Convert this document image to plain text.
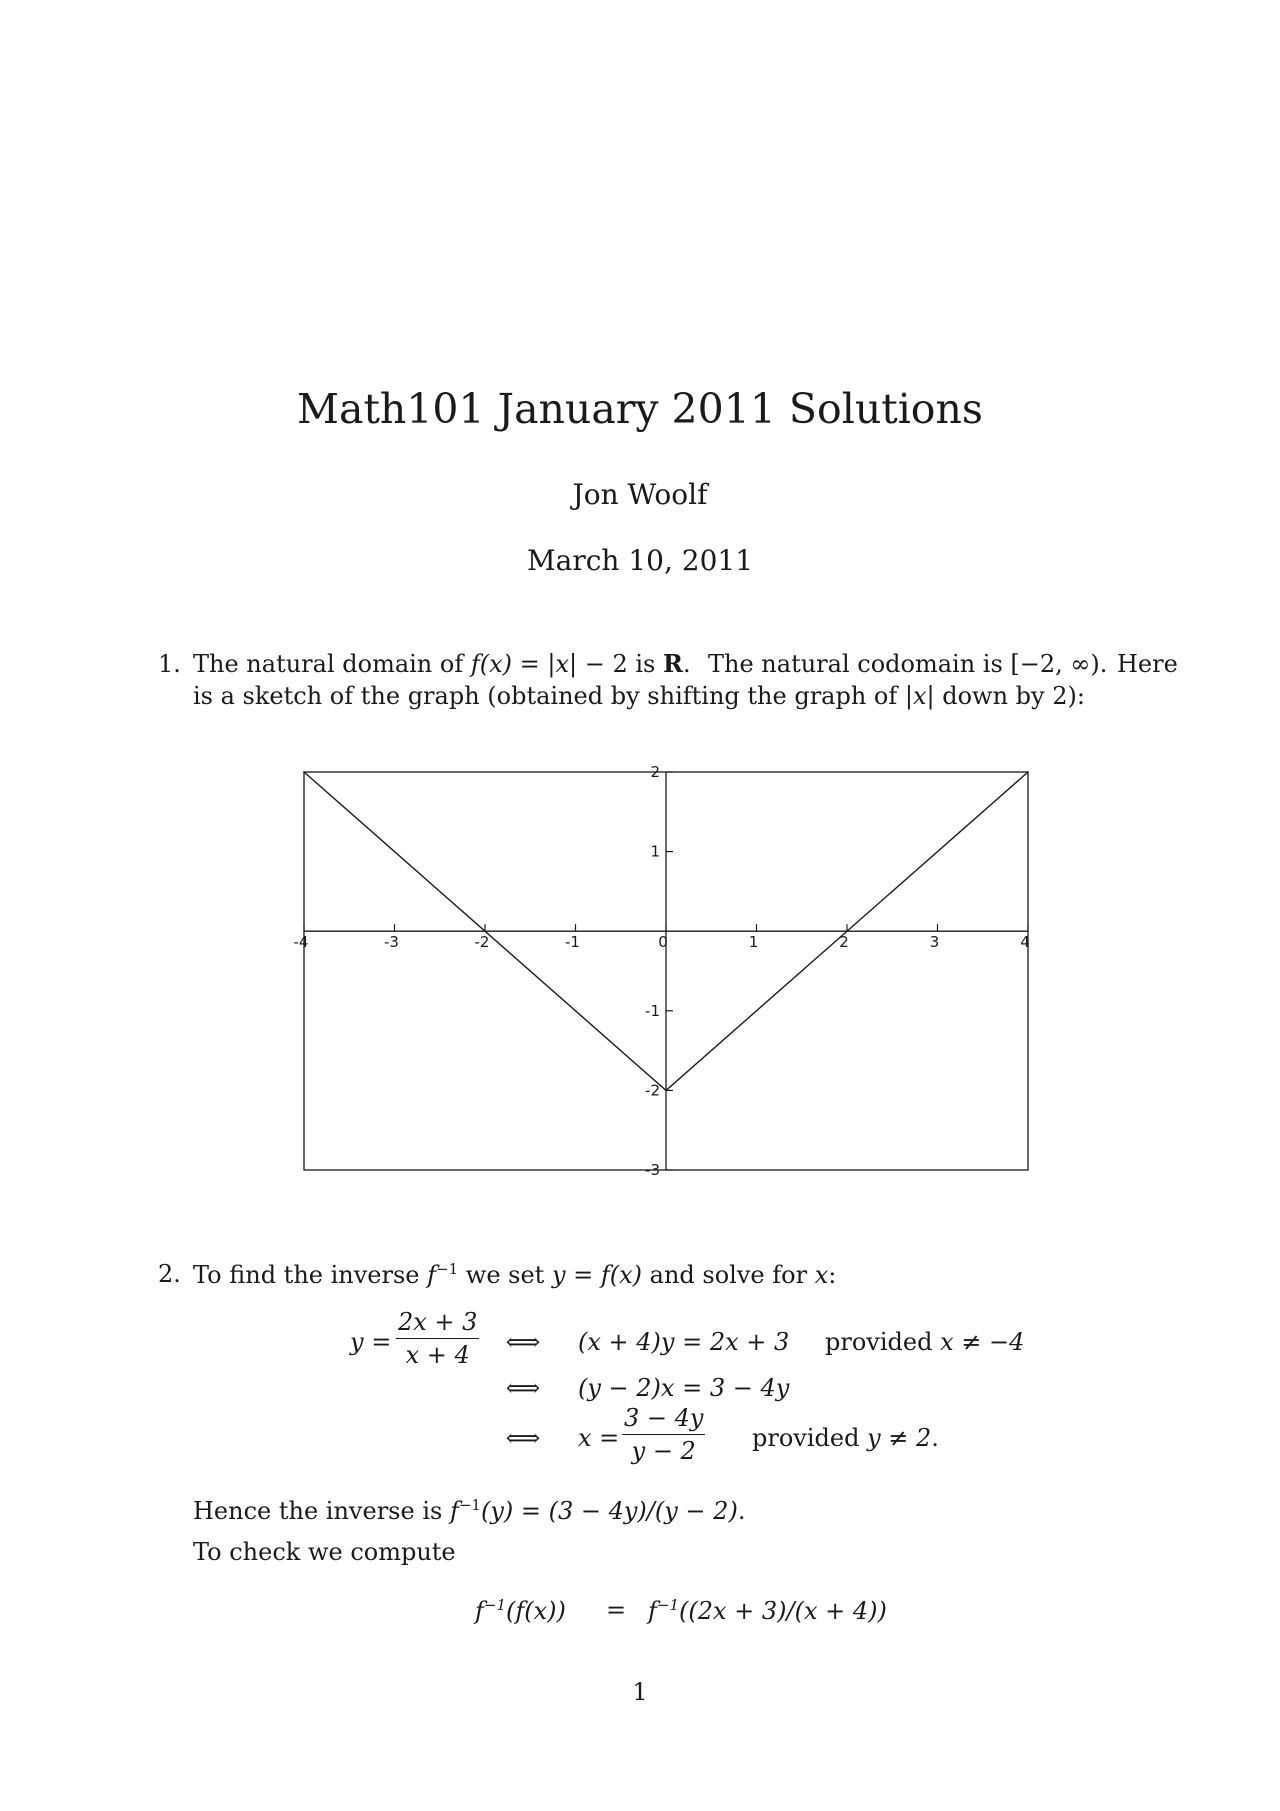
Math101 January 2011 Solutions
Jon Woolf
March 10, 2011
1. The natural domain of f(x) = |x| − 2 is R. The natural codomain is [−2, ∞). Here
is a sketch of the graph (obtained by shifting the graph of |x| down by 2):
-4	-3	-2	-1	0	1	2	3	4
2
1
-1
-2
-3
2. To find the inverse $f^{-1}$ we set y = f(x) and solve for x:
$y = \frac{2x + 3}{x + 4}$ ⟺ (x + 4)y = 2x + 3 provided x ≠ −4
⟺ (y − 2)x = 3 − 4y
⟺ $x = \frac{3 - 4y}{y - 2}$ provided y ≠ 2.
Hence the inverse is $f^{-1}(y) = (3 - 4y)/(y - 2)$.
To check we compute
$f^{-1}(f(x)) = f^{-1}((2x + 3)/(x + 4))$
1
